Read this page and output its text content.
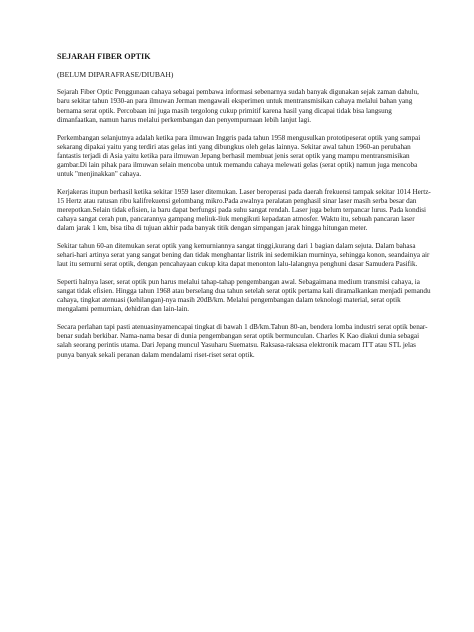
SEJARAH FIBER OPTIK
(BELUM DIPARAFRASE/DIUBAH)

Sejarah Fiber Optic Penggunaan cahaya sebagai pembawa informasi sebenarnya sudah banyak digunakan sejak zaman dahulu, baru sekitar tahun 1930-an para ilmuwan Jerman mengawali eksperimen untuk mentransmisikan cahaya melalui bahan yang bernama serat optik. Percobaan ini juga masih tergolong cukup primitif karena hasil yang dicapai tidak bisa langsung dimanfaatkan, namun harus melalui perkembangan dan penyempurnaan lebih lanjut lagi.

Perkembangan selanjutnya adalah ketika para ilmuwan Inggris pada tahun 1958 mengusulkan prototipeserat optik yang sampai sekarang dipakai yaitu yang terdiri atas gelas inti yang dibungkus oleh gelas lainnya. Sekitar awal tahun 1960-an perubahan fantastis terjadi di Asia yaitu ketika para ilmuwan Jepang berhasil membuat jenis serat optik yang mampu mentransmisikan gambar.Di lain pihak para ilmuwan selain mencoba untuk memandu cahaya melewati gelas (serat optik) namun juga mencoba untuk "menjinakkan" cahaya.

Kerjakeras itupun berhasil ketika sekitar 1959 laser ditemukan. Laser beroperasi pada daerah frekuensi tampak sekitar 1014 Hertz-15 Hertz atau ratusan ribu kalifrekuensi gelombang mikro.Pada awalnya peralatan penghasil sinar laser masih serba besar dan merepotkan.Selain tidak efisien, ia baru dapat berfungsi pada suhu sangat rendah. Laser juga belum terpancar lurus. Pada kondisi cahaya sangat cerah pun, pancarannya gampang meliuk-liuk mengikuti kepadatan atmosfer. Waktu itu, sebuah pancaran laser dalam jarak 1 km, bisa tiba di tujuan akhir pada banyak titik dengan simpangan jarak hingga hitungan meter.

Sekitar tahun 60-an ditemukan serat optik yang kemurniannya sangat tinggi,kurang dari 1 bagian dalam sejuta. Dalam bahasa sehari-hari artinya serat yang sangat bening dan tidak menghantar listrik ini sedemikian murninya, sehingga konon, seandainya air laut itu semurni serat optik, dengan pencahayaan cukup kita dapat menonton lalu-lalangnya penghuni dasar Samudera Pasifik.

Seperti halnya laser, serat optik pun harus melalui tahap-tahap pengembangan awal. Sebagaimana medium transmisi cahaya, ia sangat tidak efisien. Hingga tahun 1968 atau berselang dua tahun setelah serat optik pertama kali diramalkankan menjadi pemandu cahaya, tingkat atenuasi (kehilangan)-nya masih 20dB/km. Melalui pengembangan dalam teknologi material, serat optik mengalami pemurnian, dehidran dan lain-lain.

Secara perlahan tapi pasti atenuasinyamencapai tingkat di bawah 1 dB/km.Tahun 80-an, bendera lomba industri serat optik benar-benar sudah berkibar. Nama-nama besar di dunia pengembangan serat optik bermunculan. Charles K Kao diakui dunia sebagai salah seorang perintis utama. Dari Jepang muncul Yasuharu Suematsu. Raksasa-raksasa elektronik macam ITT atau STL jelas punya banyak sekali peranan dalam mendalami riset-riset serat optik.
